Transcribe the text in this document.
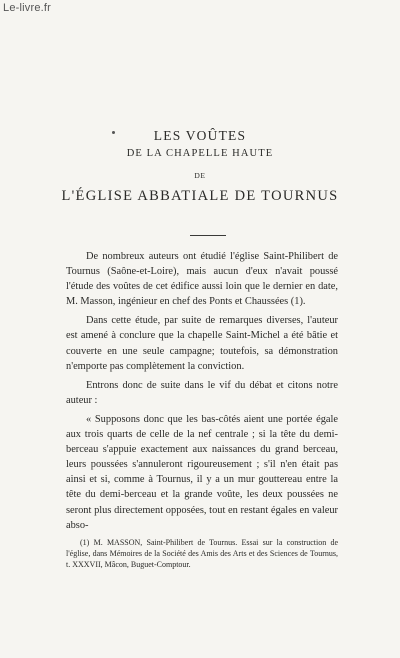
Le-livre.fr
LES VOÛTES
DE LA CHAPELLE HAUTE
DE
L'ÉGLISE ABBATIALE DE TOURNUS

De nombreux auteurs ont étudié l'église Saint-Philibert de Tournus (Saône-et-Loire), mais aucun d'eux n'avait poussé l'étude des voûtes de cet édifice aussi loin que le dernier en date, M. Masson, ingénieur en chef des Ponts et Chaussées (1).

Dans cette étude, par suite de remarques diverses, l'auteur est amené à conclure que la chapelle Saint-Michel a été bâtie et couverte en une seule campagne; toutefois, sa démonstration n'emporte pas complètement la conviction.

Entrons donc de suite dans le vif du débat et citons notre auteur :

« Supposons donc que les bas-côtés aient une portée égale aux trois quarts de celle de la nef centrale ; si la tête du demi-berceau s'appuie exactement aux naissances du grand berceau, leurs poussées s'annuleront rigoureusement ; s'il n'en était pas ainsi et si, comme à Tournus, il y a un mur gouttereau entre la tête du demi-berceau et la grande voûte, les deux poussées ne seront plus directement opposées, tout en restant égales en valeur abso-

(1) M. MASSON, Saint-Philibert de Tournus. Essai sur la construction de l'église, dans Mémoires de la Société des Amis des Arts et des Sciences de Tournus, t. XXXVII, Mâcon, Buguet-Comptour.
